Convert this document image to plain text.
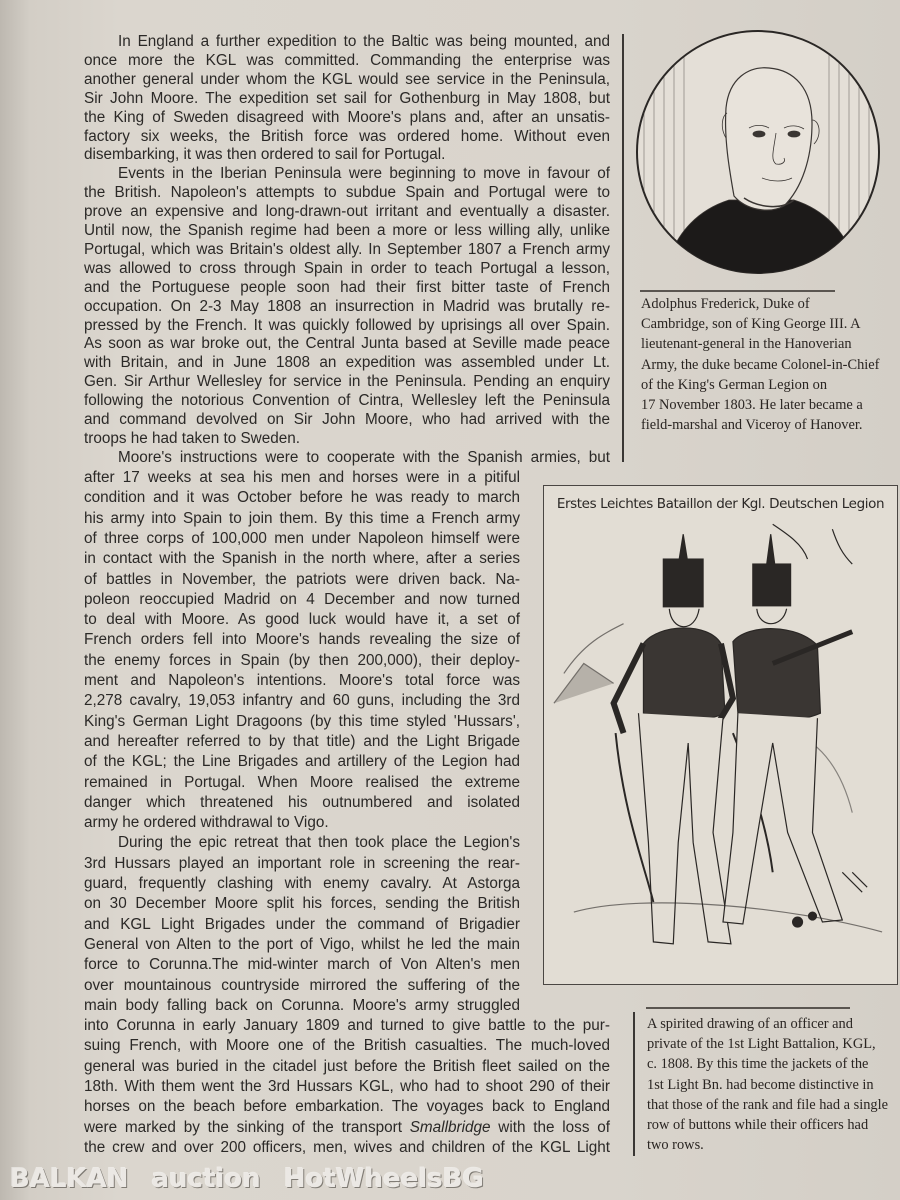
In England a further expedition to the Baltic was being mounted, and
once more the KGL was committed. Commanding the enterprise was
another general under whom the KGL would see service in the Peninsula,
Sir John Moore. The expedition set sail for Gothenburg in May 1808, but
the King of Sweden disagreed with Moore's plans and, after an unsatis-
factory six weeks, the British force was ordered home. Without even
disembarking, it was then ordered to sail for Portugal.
Events in the Iberian Peninsula were beginning to move in favour of
the British. Napoleon's attempts to subdue Spain and Portugal were to
prove an expensive and long-drawn-out irritant and eventually a disaster.
Until now, the Spanish regime had been a more or less willing ally, unlike
Portugal, which was Britain's oldest ally. In September 1807 a French army
was allowed to cross through Spain in order to teach Portugal a lesson,
and the Portuguese people soon had their first bitter taste of French
occupation. On 2-3 May 1808 an insurrection in Madrid was brutally re-
pressed by the French. It was quickly followed by uprisings all over Spain.
As soon as war broke out, the Central Junta based at Seville made peace
with Britain, and in June 1808 an expedition was assembled under Lt.
Gen. Sir Arthur Wellesley for service in the Peninsula. Pending an enquiry
following the notorious Convention of Cintra, Wellesley left the Peninsula
and command devolved on Sir John Moore, who had arrived with the
troops he had taken to Sweden.
Moore's instructions were to cooperate with the Spanish armies, but
after 17 weeks at sea his men and horses were in a pitiful
condition and it was October before he was ready to march
his army into Spain to join them. By this time a French army
of three corps of 100,000 men under Napoleon himself were
in contact with the Spanish in the north where, after a series
of battles in November, the patriots were driven back. Na-
poleon reoccupied Madrid on 4 December and now turned
to deal with Moore. As good luck would have it, a set of
French orders fell into Moore's hands revealing the size of
the enemy forces in Spain (by then 200,000), their deploy-
ment and Napoleon's intentions. Moore's total force was
2,278 cavalry, 19,053 infantry and 60 guns, including the 3rd
King's German Light Dragoons (by this time styled 'Hussars',
and hereafter referred to by that title) and the Light Brigade
of the KGL; the Line Brigades and artillery of the Legion had
remained in Portugal. When Moore realised the extreme
danger which threatened his outnumbered and isolated
army he ordered withdrawal to Vigo.
During the epic retreat that then took place the Legion's
3rd Hussars played an important role in screening the rear-
guard, frequently clashing with enemy cavalry. At Astorga
on 30 December Moore split his forces, sending the British
and KGL Light Brigades under the command of Brigadier
General von Alten to the port of Vigo, whilst he led the main
force to Corunna.The mid-winter march of Von Alten's men
over mountainous countryside mirrored the suffering of the
main body falling back on Corunna. Moore's army struggled
into Corunna in early January 1809 and turned to give battle to the pur-
suing French, with Moore one of the British casualties. The much-loved
general was buried in the citadel just before the British fleet sailed on the
18th. With them went the 3rd Hussars KGL, who had to shoot 290 of their
horses on the beach before embarkation. The voyages back to England
were marked by the sinking of the transport Smallbridge with the loss of
the crew and over 200 officers, men, wives and children of the KGL Light
Adolphus Frederick, Duke of
Cambridge, son of King George III. A
lieutenant-general in the Hanoverian
Army, the duke became Colonel-in-Chief
of the King's German Legion on
17 November 1803. He later became a
field-marshal and Viceroy of Hanover.
Erstes Leichtes Bataillon der Kgl. Deutschen Legion
A spirited drawing of an officer and
private of the 1st Light Battalion, KGL,
c. 1808. By this time the jackets of the
1st Light Bn. had become distinctive in
that those of the rank and file had a single
row of buttons while their officers had
two rows.
BALKAN auction HotWheelsBG
